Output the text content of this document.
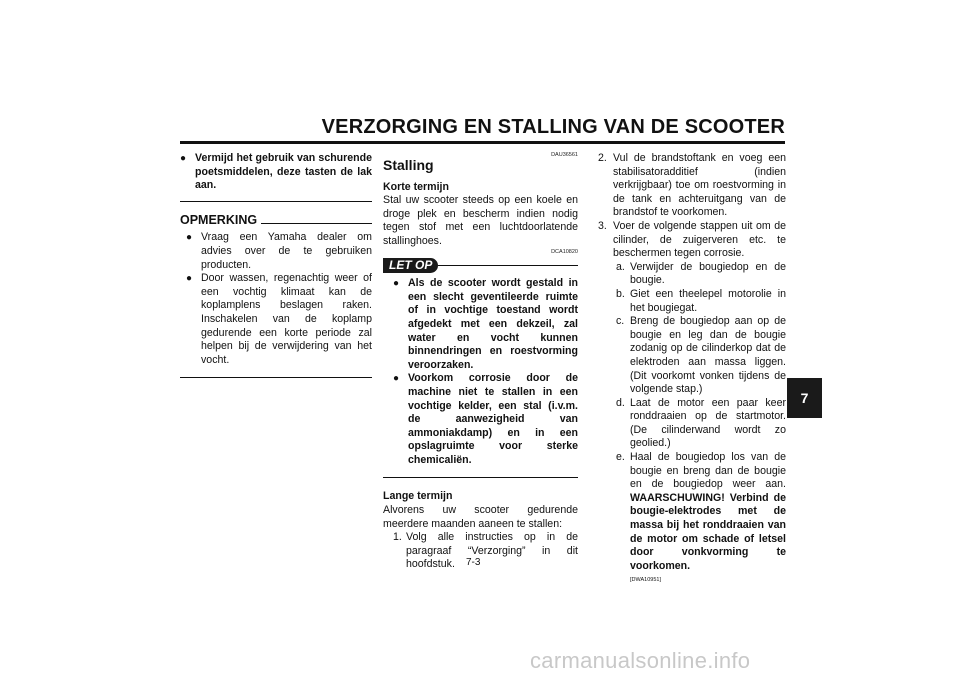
VERZORGING EN STALLING VAN DE SCOOTER
● Vermijd het gebruik van schurende poetsmiddelen, deze tasten de lak aan.
OPMERKING
● Vraag een Yamaha dealer om advies over de te gebruiken producten.
● Door wassen, regenachtig weer of een vochtig klimaat kan de koplamplens beslagen raken. Inschakelen van de koplamp gedurende een korte periode zal helpen bij de verwijdering van het vocht.
DAU36561
Stalling
Korte termijn
Stal uw scooter steeds op een koele en droge plek en bescherm indien nodig tegen stof met een luchtdoorlatende stallinghoes.
DCA10820
LET OP
● Als de scooter wordt gestald in een slecht geventileerde ruimte of in vochtige toestand wordt afgedekt met een dekzeil, zal water en vocht kunnen binnendringen en roestvorming veroorzaken.
● Voorkom corrosie door de machine niet te stallen in een vochtige kelder, een stal (i.v.m. de aanwezigheid van ammoniakdamp) en in een opslagruimte voor sterke chemicaliën.
Lange termijn
Alvorens uw scooter gedurende meerdere maanden aaneen te stallen:
1. Volg alle instructies op in de paragraaf “Verzorging” in dit hoofdstuk.
2. Vul de brandstoftank en voeg een stabilisatoradditief (indien verkrijgbaar) toe om roestvorming in de tank en achteruitgang van de brandstof te voorkomen.
3. Voer de volgende stappen uit om de cilinder, de zuigerveren etc. te beschermen tegen corrosie.
a. Verwijder de bougiedop en de bougie.
b. Giet een theelepel motorolie in het bougiegat.
c. Breng de bougiedop aan op de bougie en leg dan de bougie zodanig op de cilinderkop dat de elektroden aan massa liggen. (Dit voorkomt vonken tijdens de volgende stap.)
d. Laat de motor een paar keer ronddraaien op de startmotor. (De cilinderwand wordt zo geolied.)
e. Haal de bougiedop los van de bougie en breng dan de bougie en de bougiedop weer aan. WAARSCHUWING! Verbind de bougie-elektrodes met de massa bij het ronddraaien van de motor om schade of letsel door vonkvorming te voorkomen.
[DWA10951]
7-3
7
carmanualsonline.info
